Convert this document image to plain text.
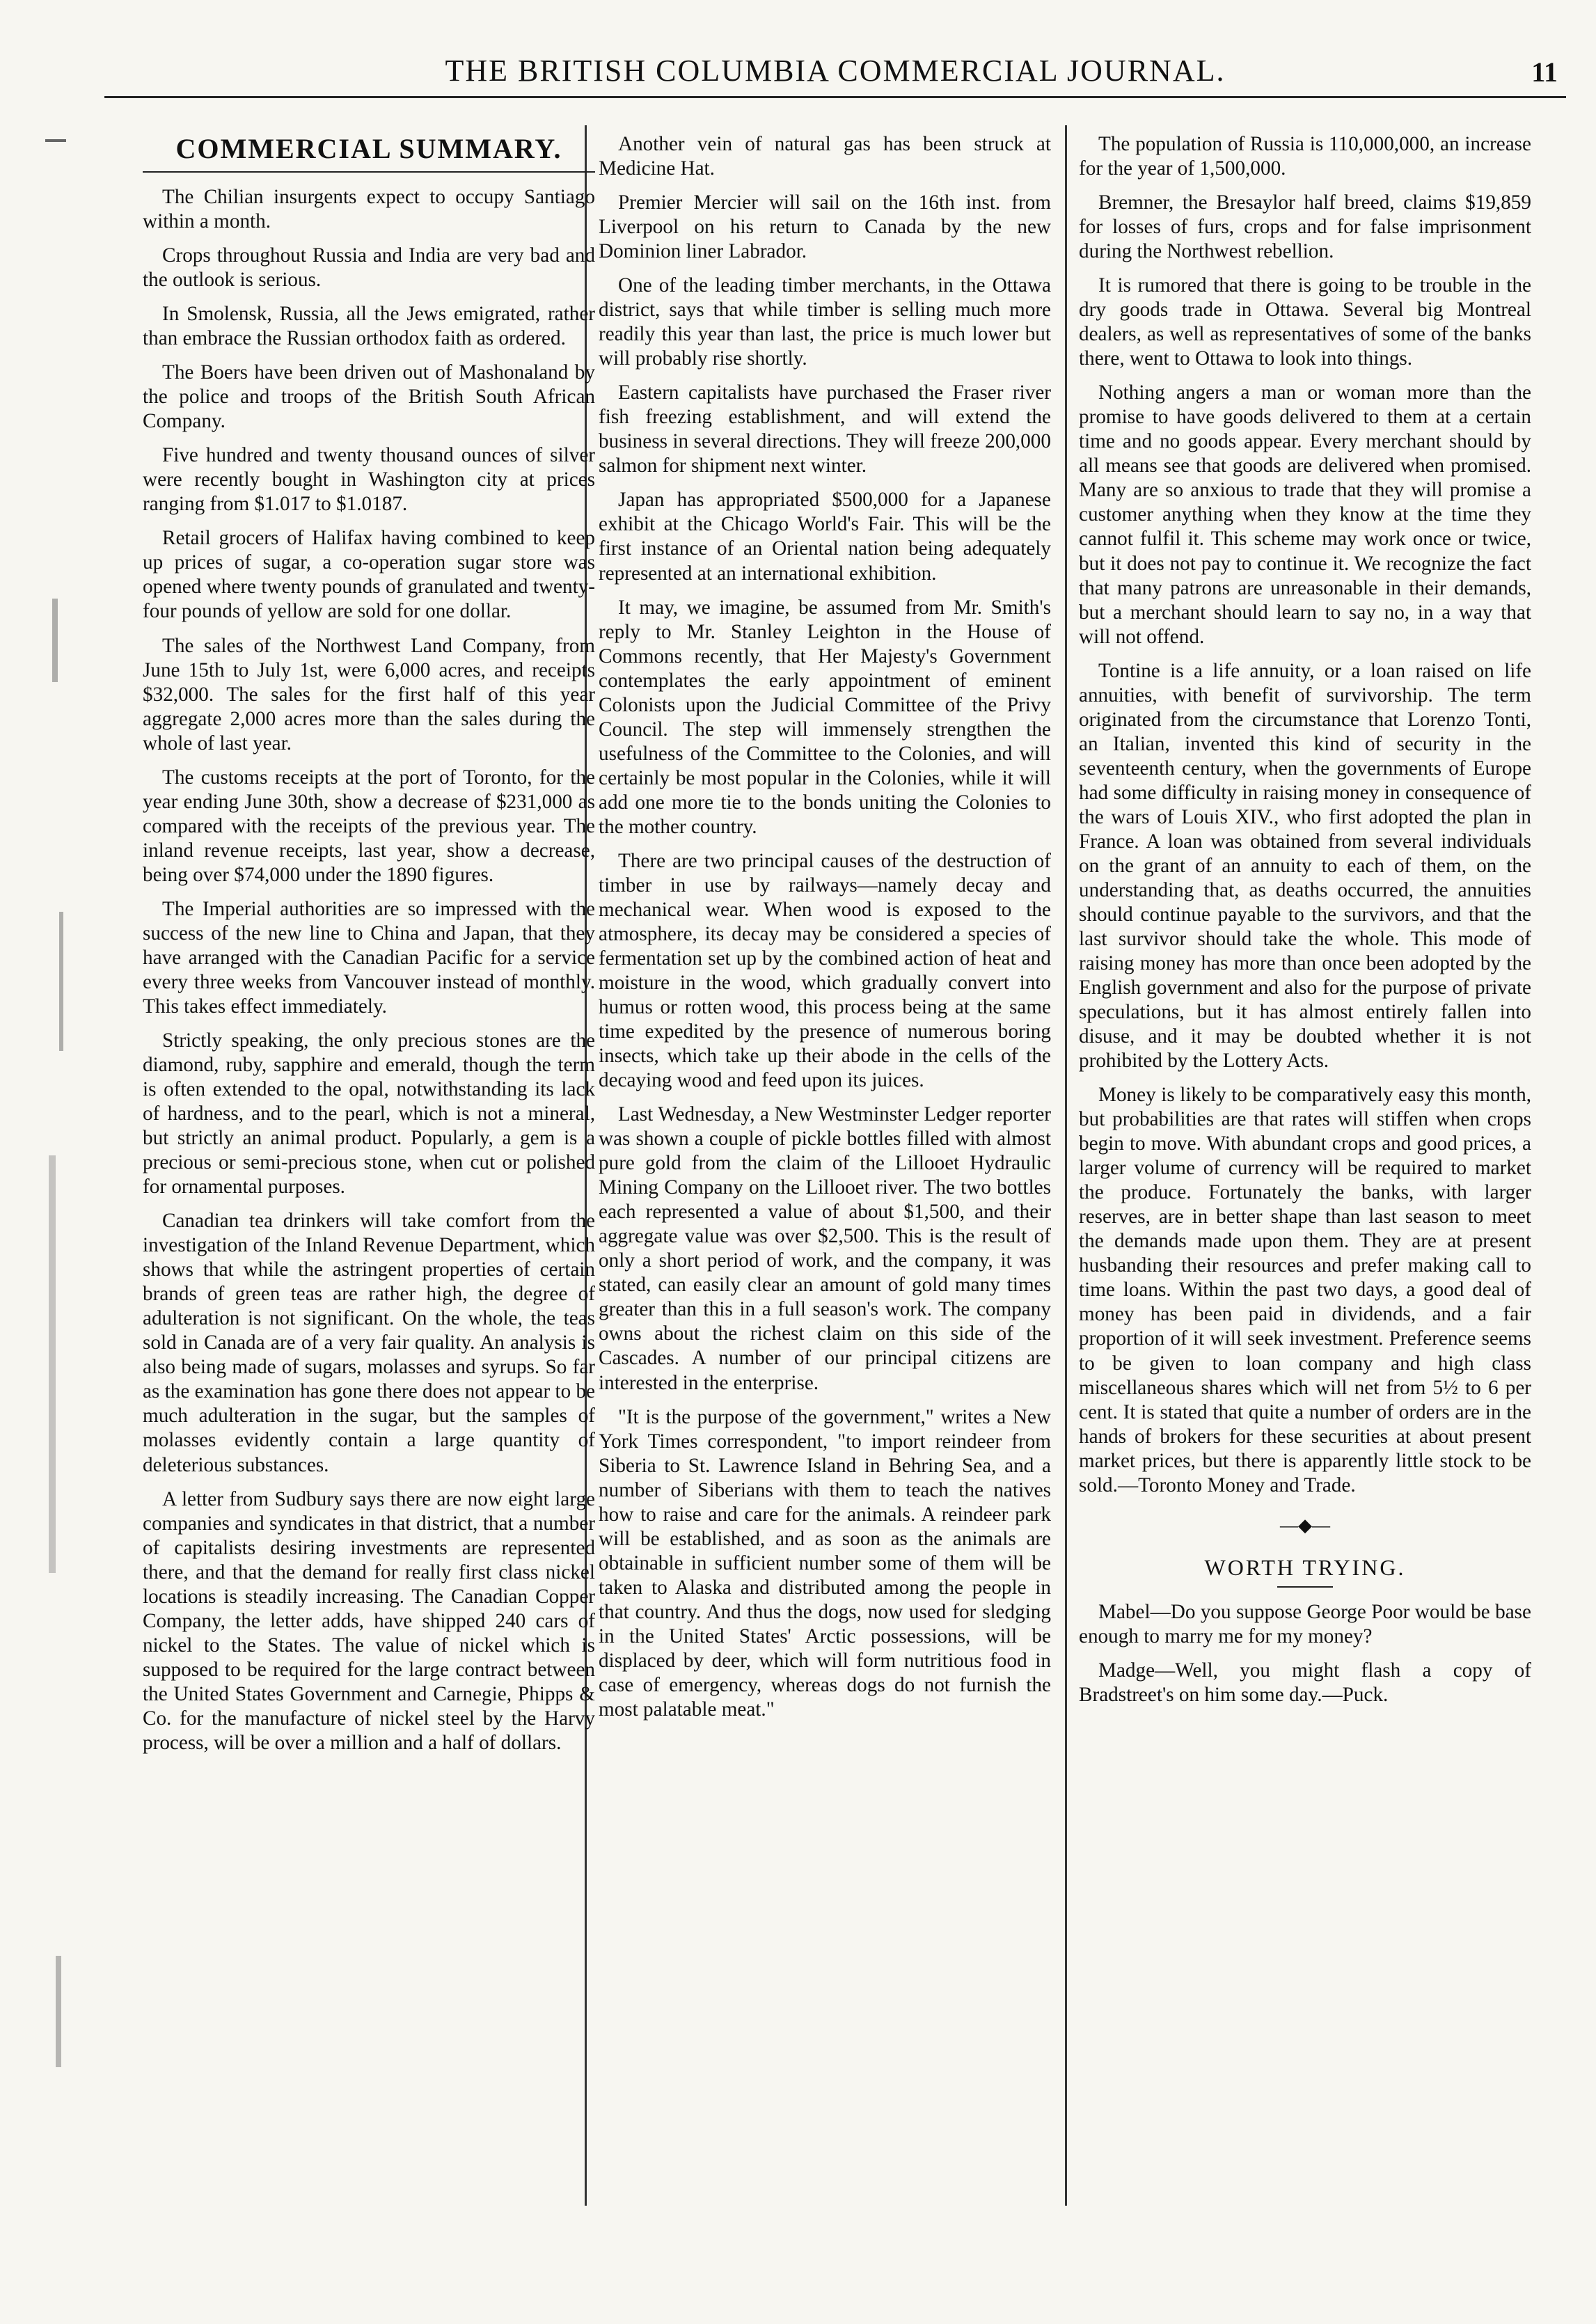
THE BRITISH COLUMBIA COMMERCIAL JOURNAL.	11
COMMERCIAL SUMMARY.

The Chilian insurgents expect to occupy Santiago within a month.

Crops throughout Russia and India are very bad and the outlook is serious.

In Smolensk, Russia, all the Jews emigrated, rather than embrace the Russian orthodox faith as ordered.

The Boers have been driven out of Mashonaland by the police and troops of the British South African Company.

Five hundred and twenty thousand ounces of silver were recently bought in Washington city at prices ranging from $1.017 to $1.0187.

Retail grocers of Halifax having combined to keep up prices of sugar, a co-operation sugar store was opened where twenty pounds of granulated and twenty-four pounds of yellow are sold for one dollar.

The sales of the Northwest Land Company, from June 15th to July 1st, were 6,000 acres, and receipts $32,000. The sales for the first half of this year aggregate 2,000 acres more than the sales during the whole of last year.

The customs receipts at the port of Toronto, for the year ending June 30th, show a decrease of $231,000 as compared with the receipts of the previous year. The inland revenue receipts, last year, show a decrease, being over $74,000 under the 1890 figures.

The Imperial authorities are so impressed with the success of the new line to China and Japan, that they have arranged with the Canadian Pacific for a service every three weeks from Vancouver instead of monthly. This takes effect immediately.

Strictly speaking, the only precious stones are the diamond, ruby, sapphire and emerald, though the term is often extended to the opal, notwithstanding its lack of hardness, and to the pearl, which is not a mineral, but strictly an animal product. Popularly, a gem is a precious or semi-precious stone, when cut or polished for ornamental purposes.

Canadian tea drinkers will take comfort from the investigation of the Inland Revenue Department, which shows that while the astringent properties of certain brands of green teas are rather high, the degree of adulteration is not significant. On the whole, the teas sold in Canada are of a very fair quality. An analysis is also being made of sugars, molasses and syrups. So far as the examination has gone there does not appear to be much adulteration in the sugar, but the samples of molasses evidently contain a large quantity of deleterious substances.

A letter from Sudbury says there are now eight large companies and syndicates in that district, that a number of capitalists desiring investments are represented there, and that the demand for really first class nickel locations is steadily increasing. The Canadian Copper Company, the letter adds, have shipped 240 cars of nickel to the States. The value of nickel which is supposed to be required for the large contract between the United States Government and Carnegie, Phipps & Co. for the manufacture of nickel steel by the Harvy process, will be over a million and a half of dollars.

Another vein of natural gas has been struck at Medicine Hat.

Premier Mercier will sail on the 16th inst. from Liverpool on his return to Canada by the new Dominion liner Labrador.

One of the leading timber merchants, in the Ottawa district, says that while timber is selling much more readily this year than last, the price is much lower but will probably rise shortly.

Eastern capitalists have purchased the Fraser river fish freezing establishment, and will extend the business in several directions. They will freeze 200,000 salmon for shipment next winter.

Japan has appropriated $500,000 for a Japanese exhibit at the Chicago World's Fair. This will be the first instance of an Oriental nation being adequately represented at an international exhibition.

It may, we imagine, be assumed from Mr. Smith's reply to Mr. Stanley Leighton in the House of Commons recently, that Her Majesty's Government contemplates the early appointment of eminent Colonists upon the Judicial Committee of the Privy Council. The step will immensely strengthen the usefulness of the Committee to the Colonies, and will certainly be most popular in the Colonies, while it will add one more tie to the bonds uniting the Colonies to the mother country.

There are two principal causes of the destruction of timber in use by railways—namely decay and mechanical wear. When wood is exposed to the atmosphere, its decay may be considered a species of fermentation set up by the combined action of heat and moisture in the wood, which gradually convert into humus or rotten wood, this process being at the same time expedited by the presence of numerous boring insects, which take up their abode in the cells of the decaying wood and feed upon its juices.

Last Wednesday, a New Westminster Ledger reporter was shown a couple of pickle bottles filled with almost pure gold from the claim of the Lillooet Hydraulic Mining Company on the Lillooet river. The two bottles each represented a value of about $1,500, and their aggregate value was over $2,500. This is the result of only a short period of work, and the company, it was stated, can easily clear an amount of gold many times greater than this in a full season's work. The company owns about the richest claim on this side of the Cascades. A number of our principal citizens are interested in the enterprise.

"It is the purpose of the government," writes a New York Times correspondent, "to import reindeer from Siberia to St. Lawrence Island in Behring Sea, and a number of Siberians with them to teach the natives how to raise and care for the animals. A reindeer park will be established, and as soon as the animals are obtainable in sufficient number some of them will be taken to Alaska and distributed among the people in that country. And thus the dogs, now used for sledging in the United States' Arctic possessions, will be displaced by deer, which will form nutritious food in case of emergency, whereas dogs do not furnish the most palatable meat."

The population of Russia is 110,000,000, an increase for the year of 1,500,000.

Bremner, the Bresaylor half breed, claims $19,859 for losses of furs, crops and for false imprisonment during the Northwest rebellion.

It is rumored that there is going to be trouble in the dry goods trade in Ottawa. Several big Montreal dealers, as well as representatives of some of the banks there, went to Ottawa to look into things.

Nothing angers a man or woman more than the promise to have goods delivered to them at a certain time and no goods appear. Every merchant should by all means see that goods are delivered when promised. Many are so anxious to trade that they will promise a customer anything when they know at the time they cannot fulfil it. This scheme may work once or twice, but it does not pay to continue it. We recognize the fact that many patrons are unreasonable in their demands, but a merchant should learn to say no, in a way that will not offend.

Tontine is a life annuity, or a loan raised on life annuities, with benefit of survivorship. The term originated from the circumstance that Lorenzo Tonti, an Italian, invented this kind of security in the seventeenth century, when the governments of Europe had some difficulty in raising money in consequence of the wars of Louis XIV., who first adopted the plan in France. A loan was obtained from several individuals on the grant of an annuity to each of them, on the understanding that, as deaths occurred, the annuities should continue payable to the survivors, and that the last survivor should take the whole. This mode of raising money has more than once been adopted by the English government and also for the purpose of private speculations, but it has almost entirely fallen into disuse, and it may be doubted whether it is not prohibited by the Lottery Acts.

Money is likely to be comparatively easy this month, but probabilities are that rates will stiffen when crops begin to move. With abundant crops and good prices, a larger volume of currency will be required to market the produce. Fortunately the banks, with larger reserves, are in better shape than last season to meet the demands made upon them. They are at present husbanding their resources and prefer making call to time loans. Within the past two days, a good deal of money has been paid in dividends, and a fair proportion of it will seek investment. Preference seems to be given to loan company and high class miscellaneous shares which will net from 5½ to 6 per cent. It is stated that quite a number of orders are in the hands of brokers for these securities at about present market prices, but there is apparently little stock to be sold.—Toronto Money and Trade.

—◆—
WORTH TRYING.

Mabel—Do you suppose George Poor would be base enough to marry me for my money?

Madge—Well, you might flash a copy of Bradstreet's on him some day.—Puck.
